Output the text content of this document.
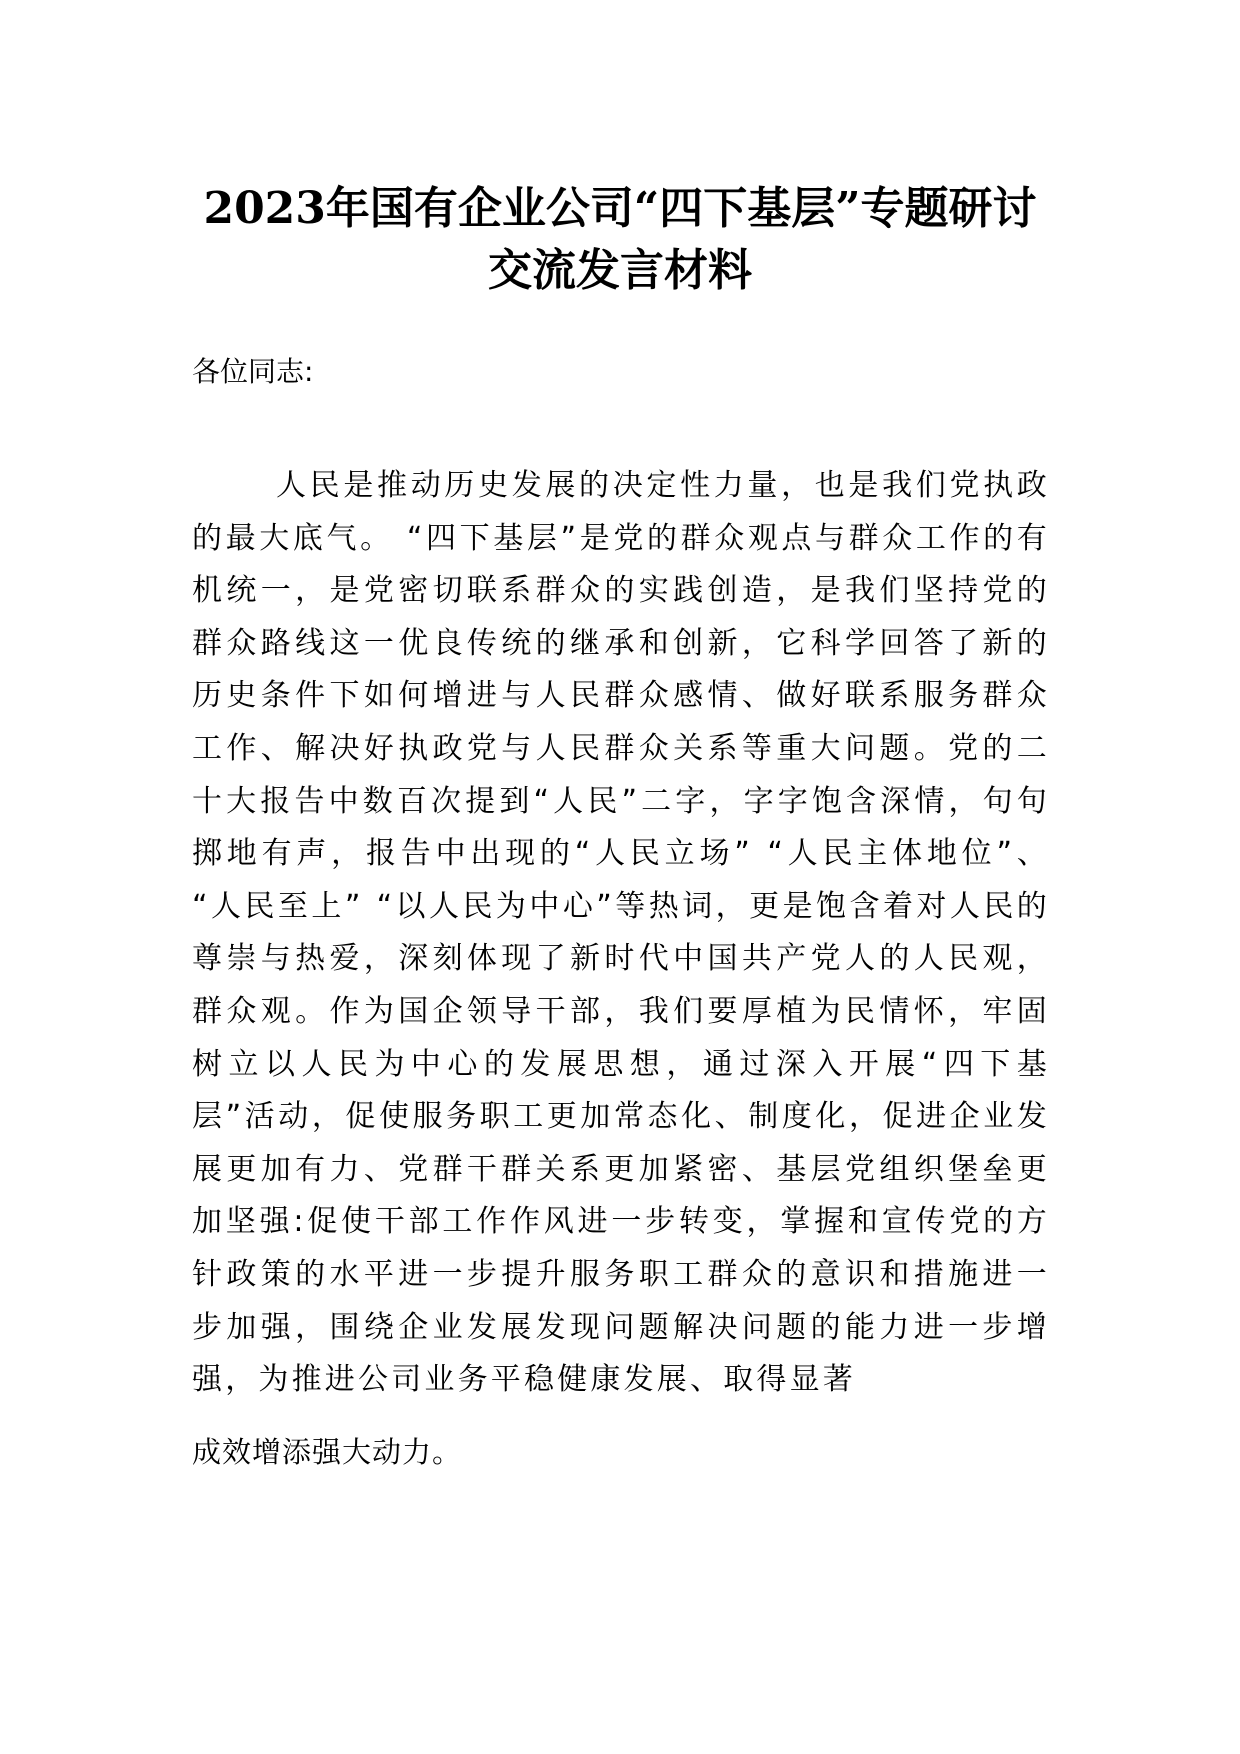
2023年国有企业公司“四下基层”专题研讨交流发言材料

各位同志:

人民是推动历史发展的决定性力量，也是我们党执政的最大底气。 “四下基层”是党的群众观点与群众工作的有机统一，是党密切联系群众的实践创造，是我们坚持党的群众路线这一优良传统的继承和创新，它科学回答了新的历史条件下如何增进与人民群众感情、做好联系服务群众工作、解决好执政党与人民群众关系等重大问题。党的二十大报告中数百次提到“人民”二字，字字饱含深情，句句掷地有声，报告中出现的“人民立场” “人民主体地位”、 “人民至上” “以人民为中心”等热词，更是饱含着对人民的尊崇与热爱，深刻体现了新时代中国共产党人的人民观，群众观。作为国企领导干部，我们要厚植为民情怀，牢固树立以人民为中心的发展思想，通过深入开展“四下基层”活动，促使服务职工更加常态化、制度化，促进企业发展更加有力、党群干群关系更加紧密、基层党组织堡垒更加坚强:促使干部工作作风进一步转变，掌握和宣传党的方针政策的水平进一步提升服务职工群众的意识和措施进一步加强，围绕企业发展发现问题解决问题的能力进一步增强，为推进公司业务平稳健康发展、取得显著

成效增添强大动力。
